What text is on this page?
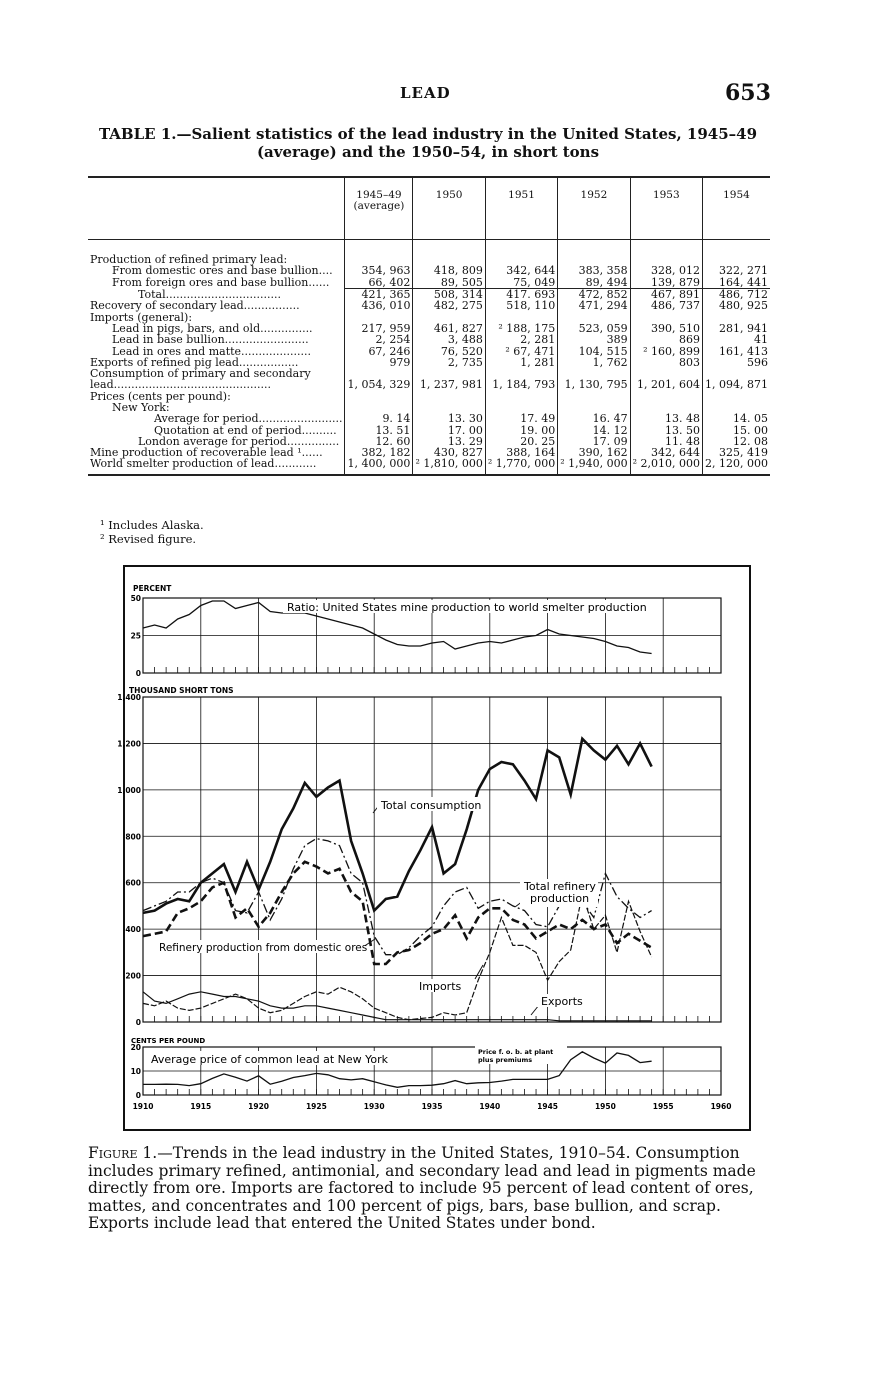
LEAD	653
TABLE 1.—Salient statistics of the lead industry in the United States, 1945–49
(average) and the 1950–54, in short tons
	1945–49 (average)	1950	1951	1952	1953	1954
Production of refined primary lead:						
From domestic ores and base bullion....	354, 963	418, 809	342, 644	383, 358	328, 012	322, 271
From foreign ores and base bullion......	66, 402	89, 505	75, 049	89, 494	139, 879	164, 441
Total.................................	421, 365	508, 314	417. 693	472, 852	467, 891	486, 712
Recovery of secondary lead................	436, 010	482, 275	518, 110	471, 294	486, 737	480, 925
Imports (general):						
Lead in pigs, bars, and old...............	217, 959	461, 827	² 188, 175	523, 059	390, 510	281, 941
Lead in base bullion........................	2, 254	3, 488	2, 281	389	869	41
Lead in ores and matte....................	67, 246	76, 520	² 67, 471	104, 515	² 160, 899	161, 413
Exports of refined pig lead.................	979	2, 735	1, 281	1, 762	803	596
Consumption of primary and secondary						
lead.............................................	1, 054, 329	1, 237, 981	1, 184, 793	1, 130, 795	1, 201, 604	1, 094, 871
Prices (cents per pound):						
New York:						
Average for period........................	9. 14	13. 30	17. 49	16. 47	13. 48	14. 05
Quotation at end of period..........	13. 51	17. 00	19. 00	14. 12	13. 50	15. 00
London average for period...............	12. 60	13. 29	20. 25	17. 09	11. 48	12. 08
Mine production of recoverable lead ¹......	382, 182	430, 827	388, 164	390, 162	342, 644	325, 419
World smelter production of lead............	1, 400, 000	² 1,810, 000	² 1,770, 000	² 1,940, 000	² 2,010, 000	2, 120, 000
¹ Includes Alaska.
² Revised figure.
PERCENT
THOUSAND SHORT TONS
CENTS PER POUND
0
25
50
0
200
400
600
800
1,000
1,200
1,400
0
10
20
1910	1915	1920	1925	1930	1935	1940	1945	1950	1955	1960
Ratio: United States mine production to world smelter production
Total consumption
Total refinery
production
Refinery production from domestic ores
Imports
Exports
Average price of common lead at New York
Price f. o. b. at plant
plus premiums
Figure 1.—Trends in the lead industry in the United States, 1910–54. Consumption includes primary refined, antimonial, and secondary lead and lead in pigments made directly from ore. Imports are factored to include 95 percent of lead content of ores, mattes, and concentrates and 100 percent of pigs, bars, base bullion, and scrap. Exports include lead that entered the United States under bond.
